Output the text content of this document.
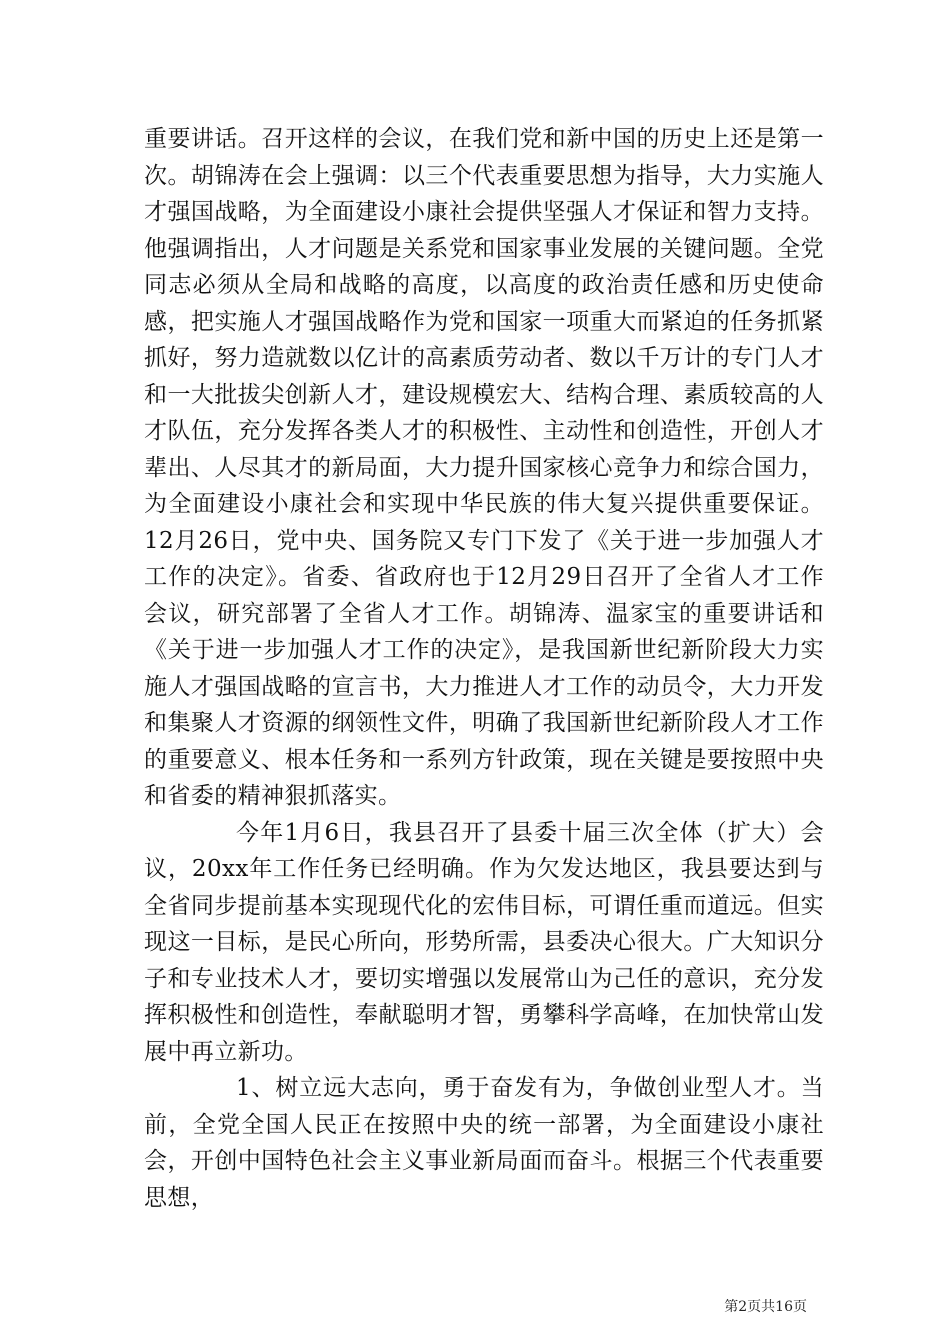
重要讲话。召开这样的会议，在我们党和新中国的历史上还是第一次。胡锦涛在会上强调：以三个代表重要思想为指导，大力实施人才强国战略，为全面建设小康社会提供坚强人才保证和智力支持。他强调指出，人才问题是关系党和国家事业发展的关键问题。全党同志必须从全局和战略的高度，以高度的政治责任感和历史使命感，把实施人才强国战略作为党和国家一项重大而紧迫的任务抓紧抓好，努力造就数以亿计的高素质劳动者、数以千万计的专门人才和一大批拔尖创新人才，建设规模宏大、结构合理、素质较高的人才队伍，充分发挥各类人才的积极性、主动性和创造性，开创人才辈出、人尽其才的新局面，大力提升国家核心竞争力和综合国力，为全面建设小康社会和实现中华民族的伟大复兴提供重要保证。12月26日，党中央、国务院又专门下发了《关于进一步加强人才工作的决定》。省委、省政府也于12月29日召开了全省人才工作会议，研究部署了全省人才工作。胡锦涛、温家宝的重要讲话和《关于进一步加强人才工作的决定》，是我国新世纪新阶段大力实施人才强国战略的宣言书，大力推进人才工作的动员令，大力开发和集聚人才资源的纲领性文件，明确了我国新世纪新阶段人才工作的重要意义、根本任务和一系列方针政策，现在关键是要按照中央和省委的精神狠抓落实。

今年1月6日，我县召开了县委十届三次全体（扩大）会议，20xx年工作任务已经明确。作为欠发达地区，我县要达到与全省同步提前基本实现现代化的宏伟目标，可谓任重而道远。但实现这一目标，是民心所向，形势所需，县委决心很大。广大知识分子和专业技术人才，要切实增强以发展常山为己任的意识，充分发挥积极性和创造性，奉献聪明才智，勇攀科学高峰，在加快常山发展中再立新功。

1、树立远大志向，勇于奋发有为，争做创业型人才。当前，全党全国人民正在按照中央的统一部署，为全面建设小康社会，开创中国特色社会主义事业新局面而奋斗。根据三个代表重要思想，

第2页共16页
